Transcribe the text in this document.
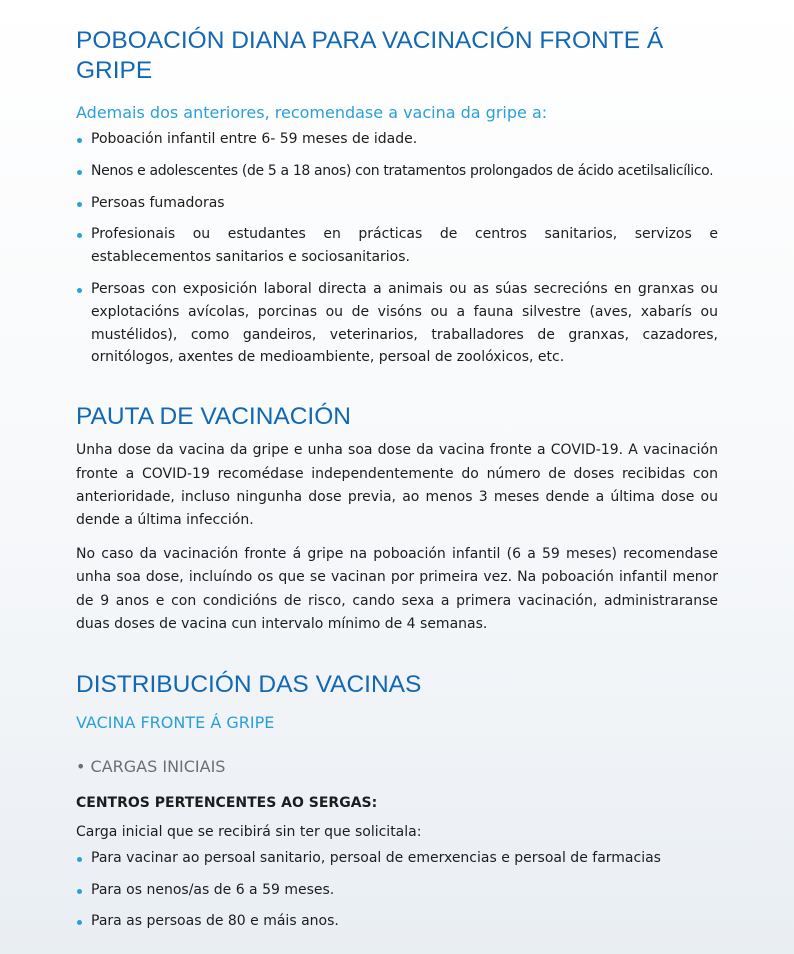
POBOACIÓN DIANA PARA VACINACIÓN FRONTE Á GRIPE

Ademais dos anteriores, recomendase a vacina da gripe a:

Poboación infantil entre 6- 59 meses de idade.
Nenos e adolescentes (de 5 a 18 anos) con tratamentos prolongados de ácido acetilsalicílico.
Persoas fumadoras
Profesionais ou estudantes en prácticas de centros sanitarios, servizos e establecementos sanitarios e sociosanitarios.
Persoas con exposición laboral directa a animais ou as súas secrecións en granxas ou explotacións avícolas, porcinas ou de visóns ou a fauna silvestre (aves, xabarís ou mustélidos), como gandeiros, veterinarios, traballadores de granxas, cazadores, ornitólogos, axentes de medioambiente, persoal de zoolóxicos, etc.
PAUTA DE VACINACIÓN

Unha dose da vacina da gripe e unha soa dose da vacina fronte a COVID-19. A vacinación fronte a COVID-19 recomédase independentemente do número de doses recibidas con anterioridade, incluso ningunha dose previa, ao menos 3 meses dende a última dose ou dende a última infección.

No caso da vacinación fronte á gripe na poboación infantil (6 a 59 meses) recomendase unha soa dose, incluíndo os que se vacinan por primeira vez. Na poboación infantil menor de 9 anos e con condicións de risco, cando sexa a primera vacinación, administraranse duas doses de vacina cun intervalo mínimo de 4 semanas.

DISTRIBUCIÓN DAS VACINAS

VACINA FRONTE Á GRIPE

• CARGAS INICIAIS

CENTROS PERTENCENTES AO SERGAS:

Carga inicial que se recibirá sin ter que solicitala:

Para vacinar ao persoal sanitario, persoal de emerxencias e persoal de farmacias
Para os nenos/as de 6 a 59 meses.
Para as persoas de 80 e máis anos.
